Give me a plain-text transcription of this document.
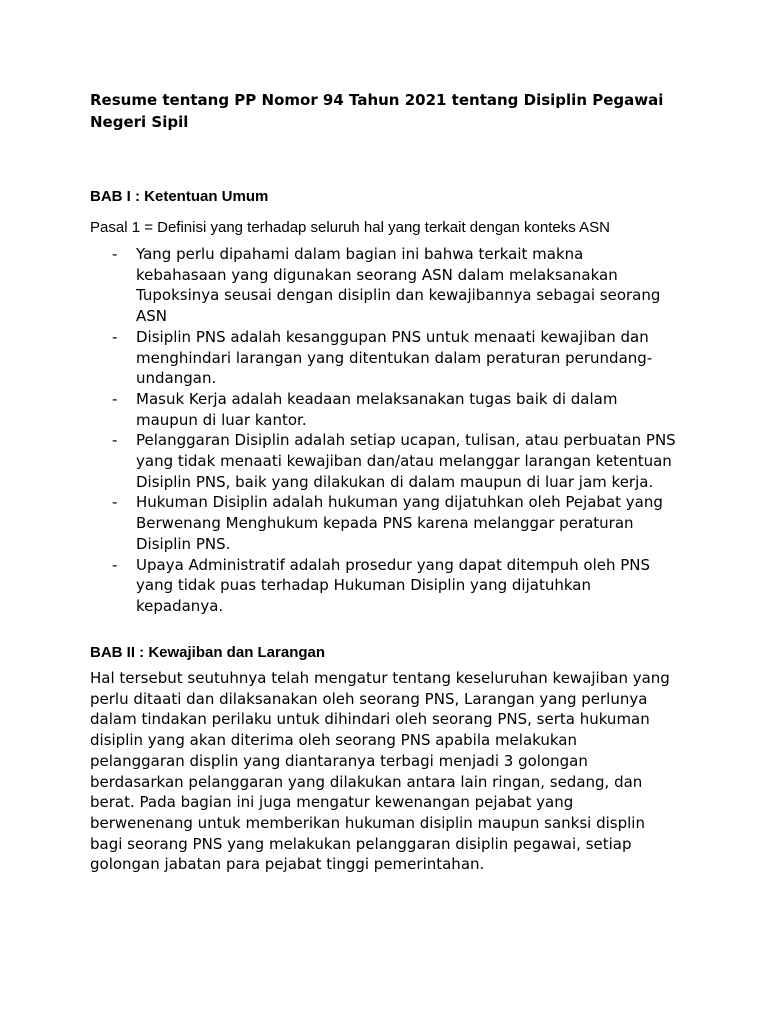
Resume tentang PP Nomor 94 Tahun 2021 tentang Disiplin Pegawai
Negeri Sipil
BAB I : Ketentuan Umum

Pasal 1 = Definisi yang terhadap seluruh hal yang terkait dengan konteks ASN

- Yang perlu dipahami dalam bagian ini bahwa terkait makna
kebahasaan yang digunakan seorang ASN dalam melaksanakan
Tupoksinya seusai dengan disiplin dan kewajibannya sebagai seorang
ASN
- Disiplin PNS adalah kesanggupan PNS untuk menaati kewajiban dan
menghindari larangan yang ditentukan dalam peraturan perundang-
undangan.
- Masuk Kerja adalah keadaan melaksanakan tugas baik di dalam
maupun di luar kantor.
- Pelanggaran Disiplin adalah setiap ucapan, tulisan, atau perbuatan PNS
yang tidak menaati kewajiban dan/atau melanggar larangan ketentuan
Disiplin PNS, baik yang dilakukan di dalam maupun di luar jam kerja.
- Hukuman Disiplin adalah hukuman yang dijatuhkan oleh Pejabat yang
Berwenang Menghukum kepada PNS karena melanggar peraturan
Disiplin PNS.
- Upaya Administratif adalah prosedur yang dapat ditempuh oleh PNS
yang tidak puas terhadap Hukuman Disiplin yang dijatuhkan
kepadanya.
BAB II : Kewajiban dan Larangan

Hal tersebut seutuhnya telah mengatur tentang keseluruhan kewajiban yang
perlu ditaati dan dilaksanakan oleh seorang PNS, Larangan yang perlunya
dalam tindakan perilaku untuk dihindari oleh seorang PNS, serta hukuman
disiplin yang akan diterima oleh seorang PNS apabila melakukan
pelanggaran displin yang diantaranya terbagi menjadi 3 golongan
berdasarkan pelanggaran yang dilakukan antara lain ringan, sedang, dan
berat. Pada bagian ini juga mengatur kewenangan pejabat yang
berwenenang untuk memberikan hukuman disiplin maupun sanksi displin
bagi seorang PNS yang melakukan pelanggaran disiplin pegawai, setiap
golongan jabatan para pejabat tinggi pemerintahan.
